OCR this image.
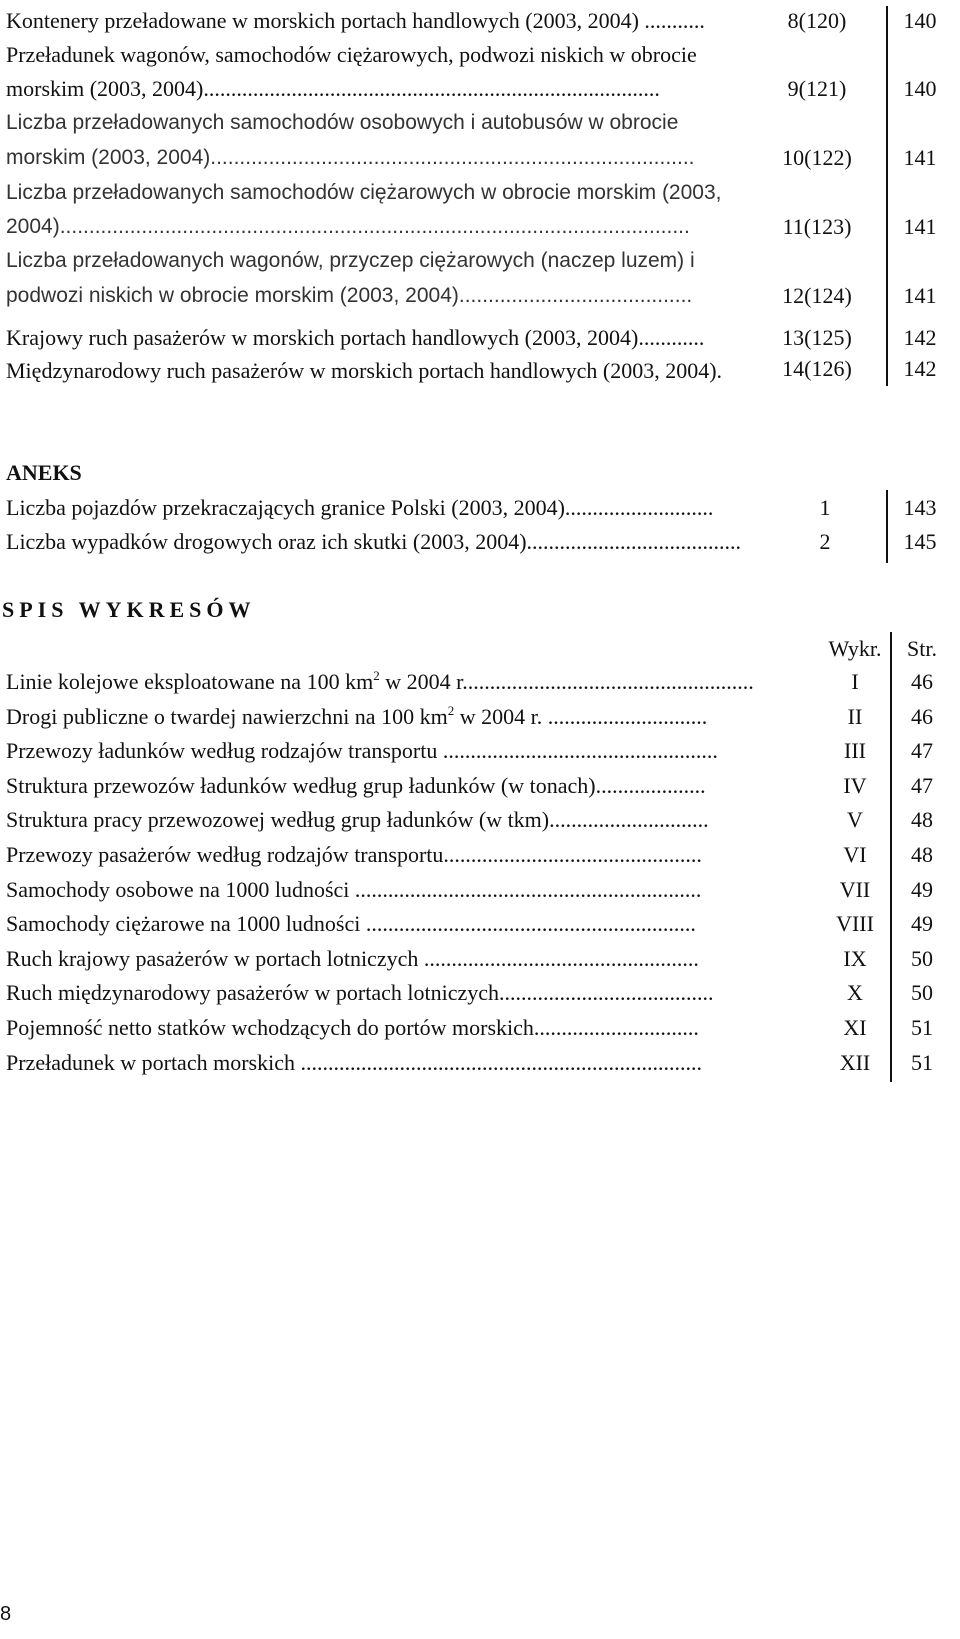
Kontenery przeładowane w morskich portach handlowych (2003, 2004) ...........	8(120)	140
Przeładunek wagonów, samochodów ciężarowych, podwozi niskich w obrocie
morskim (2003, 2004)...................................................................................	9(121)	140
Liczba przeładowanych samochodów osobowych i autobusów w obrocie
morskim (2003, 2004)...................................................................................	10(122)	141
Liczba przeładowanych samochodów ciężarowych w obrocie morskim (2003,
2004)............................................................................................................	11(123)	141
Liczba przeładowanych wagonów, przyczep ciężarowych (naczep luzem) i
podwozi niskich w obrocie morskim (2003, 2004)........................................	12(124)	141
Krajowy ruch pasażerów w morskich portach handlowych (2003, 2004)............	13(125)	142
Międzynarodowy ruch pasażerów w morskich portach handlowych (2003, 2004).	14(126)	142
ANEKS
Liczba pojazdów przekraczających granice Polski (2003, 2004)...........................	1	143
Liczba wypadków drogowych oraz ich skutki (2003, 2004).......................................	2	145
SPIS WYKRESÓW
Wykr.	Str.
Linie kolejowe eksploatowane na 100 $km^2$ w 2004 r.....................................................	I	46
Drogi publiczne o twardej nawierzchni na 100 $km^2$ w 2004 r. .............................	II	46
Przewozy ładunków według rodzajów transportu ..................................................	III	47
Struktura przewozów ładunków według grup ładunków (w tonach)....................	IV	47
Struktura pracy przewozowej według grup ładunków (w tkm).............................	V	48
Przewozy pasażerów według rodzajów transportu...............................................	VI	48
Samochody osobowe na 1000 ludności ...............................................................	VII	49
Samochody ciężarowe na 1000 ludności ............................................................	VIII	49
Ruch krajowy pasażerów w portach lotniczych ..................................................	IX	50
Ruch międzynarodowy pasażerów w portach lotniczych.......................................	X	50
Pojemność netto statków wchodzących do portów morskich..............................	XI	51
Przeładunek w portach morskich .........................................................................	XII	51
8
